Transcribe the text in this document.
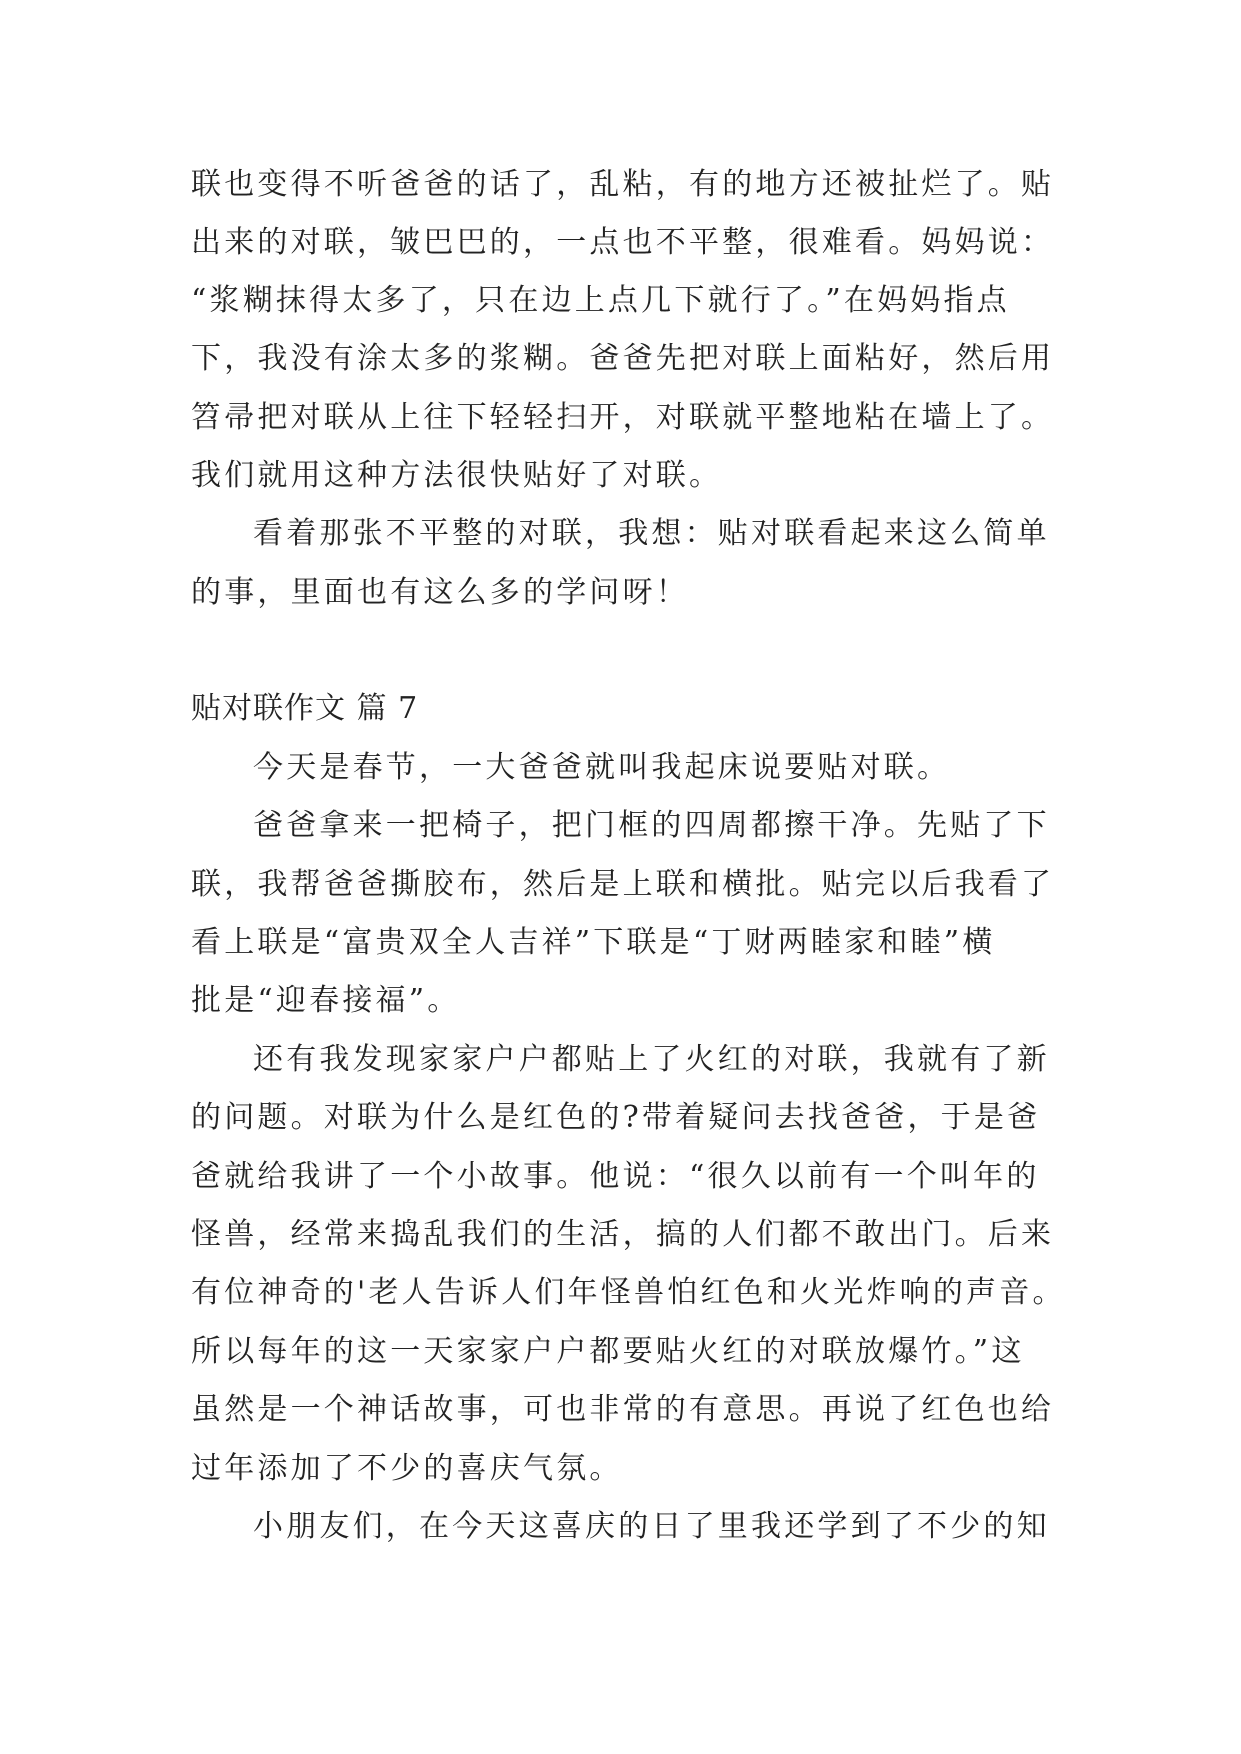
联也变得不听爸爸的话了，乱粘，有的地方还被扯烂了。贴
出来的对联，皱巴巴的，一点也不平整，很难看。妈妈说：
“浆糊抹得太多了，只在边上点几下就行了。”在妈妈指点
下，我没有涂太多的浆糊。爸爸先把对联上面粘好，然后用
笤帚把对联从上往下轻轻扫开，对联就平整地粘在墙上了。
我们就用这种方法很快贴好了对联。
看着那张不平整的对联，我想：贴对联看起来这么简单
的事，里面也有这么多的学问呀！
贴对联作文 篇 7
今天是春节，一大爸爸就叫我起床说要贴对联。
爸爸拿来一把椅子，把门框的四周都擦干净。先贴了下
联，我帮爸爸撕胶布，然后是上联和横批。贴完以后我看了
看上联是“富贵双全人吉祥”下联是“丁财两睦家和睦”横
批是“迎春接福”。
还有我发现家家户户都贴上了火红的对联，我就有了新
的问题。对联为什么是红色的?带着疑问去找爸爸，于是爸
爸就给我讲了一个小故事。他说：“很久以前有一个叫年的
怪兽，经常来捣乱我们的生活，搞的人们都不敢出门。后来
有位神奇的'老人告诉人们年怪兽怕红色和火光炸响的声音。
所以每年的这一天家家户户都要贴火红的对联放爆竹。”这
虽然是一个神话故事，可也非常的有意思。再说了红色也给
过年添加了不少的喜庆气氛。
小朋友们，在今天这喜庆的日了里我还学到了不少的知
